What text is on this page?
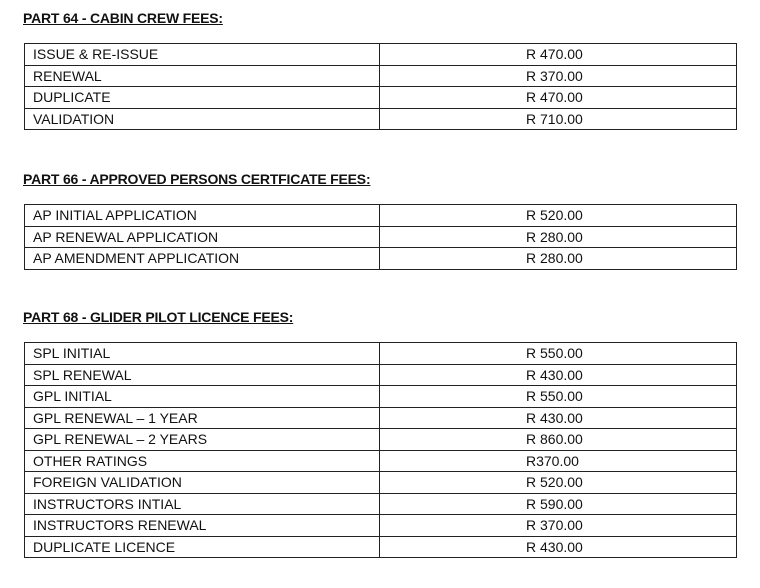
PART 64 - CABIN CREW FEES:
ISSUE & RE-ISSUE	R 470.00
RENEWAL	R 370.00
DUPLICATE	R 470.00
VALIDATION	R 710.00
PART 66 - APPROVED PERSONS CERTFICATE FEES:
AP INITIAL APPLICATION	R 520.00
AP RENEWAL APPLICATION	R 280.00
AP AMENDMENT APPLICATION	R 280.00
PART 68 - GLIDER PILOT LICENCE FEES:
SPL INITIAL	R 550.00
SPL RENEWAL	R 430.00
GPL INITIAL	R 550.00
GPL RENEWAL – 1 YEAR	R 430.00
GPL RENEWAL – 2 YEARS	R 860.00
OTHER RATINGS	R370.00
FOREIGN VALIDATION	R 520.00
INSTRUCTORS INTIAL	R 590.00
INSTRUCTORS RENEWAL	R 370.00
DUPLICATE LICENCE	R 430.00
